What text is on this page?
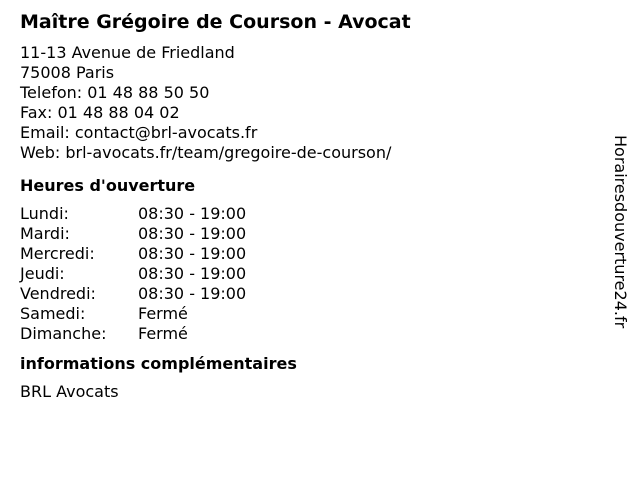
Maître Grégoire de Courson - Avocat
11-13 Avenue de Friedland
75008 Paris
Telefon: 01 48 88 50 50
Fax: 01 48 88 04 02
Email: contact@brl-avocats.fr
Web: brl-avocats.fr/team/gregoire-de-courson/
Heures d'ouverture
Lundi:	08:30 - 19:00
Mardi:	08:30 - 19:00
Mercredi:	08:30 - 19:00
Jeudi:	08:30 - 19:00
Vendredi:	08:30 - 19:00
Samedi:	Fermé
Dimanche:	Fermé
informations complémentaires
BRL Avocats
Horairesdouverture24.fr
